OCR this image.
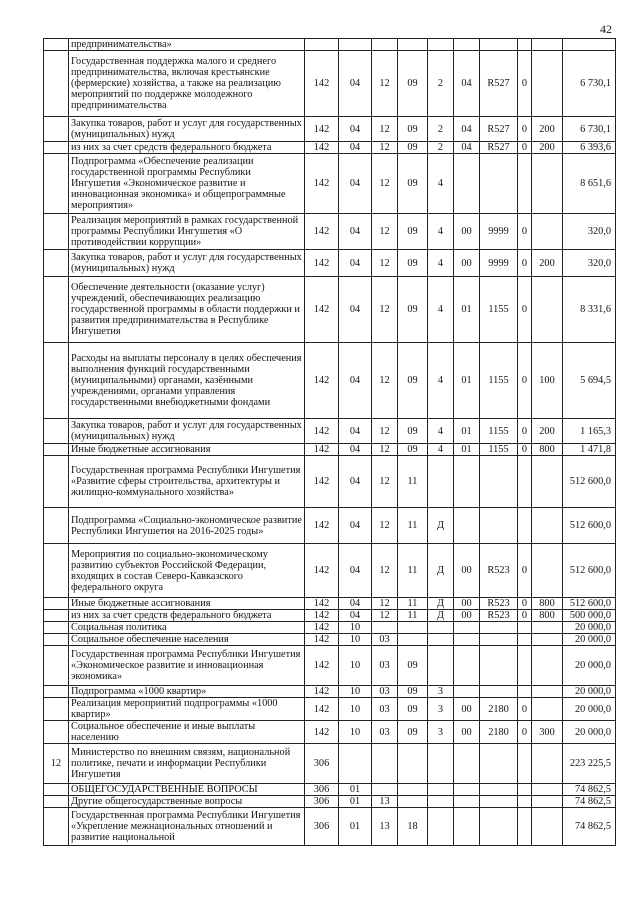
42
	предпринимательства»										
	Государственная поддержка малого и среднего предпринимательства, включая крестьянские (фермерские) хозяйства, а также на реализацию мероприятий по поддержке молодежного предпринимательства	142	04	12	09	2	04	R527	0		6 730,1
	Закупка товаров, работ и услуг для государственных (муниципальных) нужд	142	04	12	09	2	04	R527	0	200	6 730,1
	из них за счет средств федерального бюджета	142	04	12	09	2	04	R527	0	200	6 393,6
	Подпрограмма «Обеспечение реализации государственной программы Республики Ингушетия «Экономическое развитие и инновационная экономика» и общепрограммные мероприятия»	142	04	12	09	4					8 651,6
	Реализация мероприятий в рамках государственной программы Республики Ингушетия «О противодействии коррупции»	142	04	12	09	4	00	9999	0		320,0
	Закупка товаров, работ и услуг для государственных (муниципальных) нужд	142	04	12	09	4	00	9999	0	200	320,0
	Обеспечение деятельности (оказание услуг) учреждений, обеспечивающих реализацию государственной программы в области поддержки и развития предпринимательства в Республике Ингушетия	142	04	12	09	4	01	1155	0		8 331,6
	Расходы на выплаты персоналу в целях обеспечения выполнения функций государственными (муниципальными) органами, казёнными учреждениями, органами управления государственными внебюджетными фондами	142	04	12	09	4	01	1155	0	100	5 694,5
	Закупка товаров, работ и услуг для государственных (муниципальных) нужд	142	04	12	09	4	01	1155	0	200	1 165,3
	Иные бюджетные ассигнования	142	04	12	09	4	01	1155	0	800	1 471,8
	Государственная программа Республики Ингушетия «Развитие сферы строительства, архитектуры и жилищно-коммунального хозяйства»	142	04	12	11						512 600,0
	Подпрограмма «Социально-экономическое развитие Республики Ингушетия на 2016-2025 годы»	142	04	12	11	Д					512 600,0
	Мероприятия по социально-экономическому развитию субъектов Российской Федерации, входящих в состав Северо-Кавказского федерального округа	142	04	12	11	Д	00	R523	0		512 600,0
	Иные бюджетные ассигнования	142	04	12	11	Д	00	R523	0	800	512 600,0
	из них за счет средств федерального бюджета	142	04	12	11	Д	00	R523	0	800	500 000,0
	Социальная политика	142	10								20 000,0
	Социальное обеспечение населения	142	10	03							20 000,0
	Государственная программа Республики Ингушетия «Экономическое развитие и инновационная экономика»	142	10	03	09						20 000,0
	Подпрограмма «1000 квартир»	142	10	03	09	3					20 000,0
	Реализация мероприятий подпрограммы «1000 квартир»	142	10	03	09	3	00	2180	0		20 000,0
	Социальное обеспечение и иные выплаты населению	142	10	03	09	3	00	2180	0	300	20 000,0
12	Министерство по внешним связям, национальной политике, печати и информации Республики Ингушетия	306									223 225,5
	ОБЩЕГОСУДАРСТВЕННЫЕ ВОПРОСЫ	306	01								74 862,5
	Другие общегосударственные вопросы	306	01	13							74 862,5
	Государственная программа Республики Ингушетия «Укрепление межнациональных отношений и развитие национальной	306	01	13	18						74 862,5
